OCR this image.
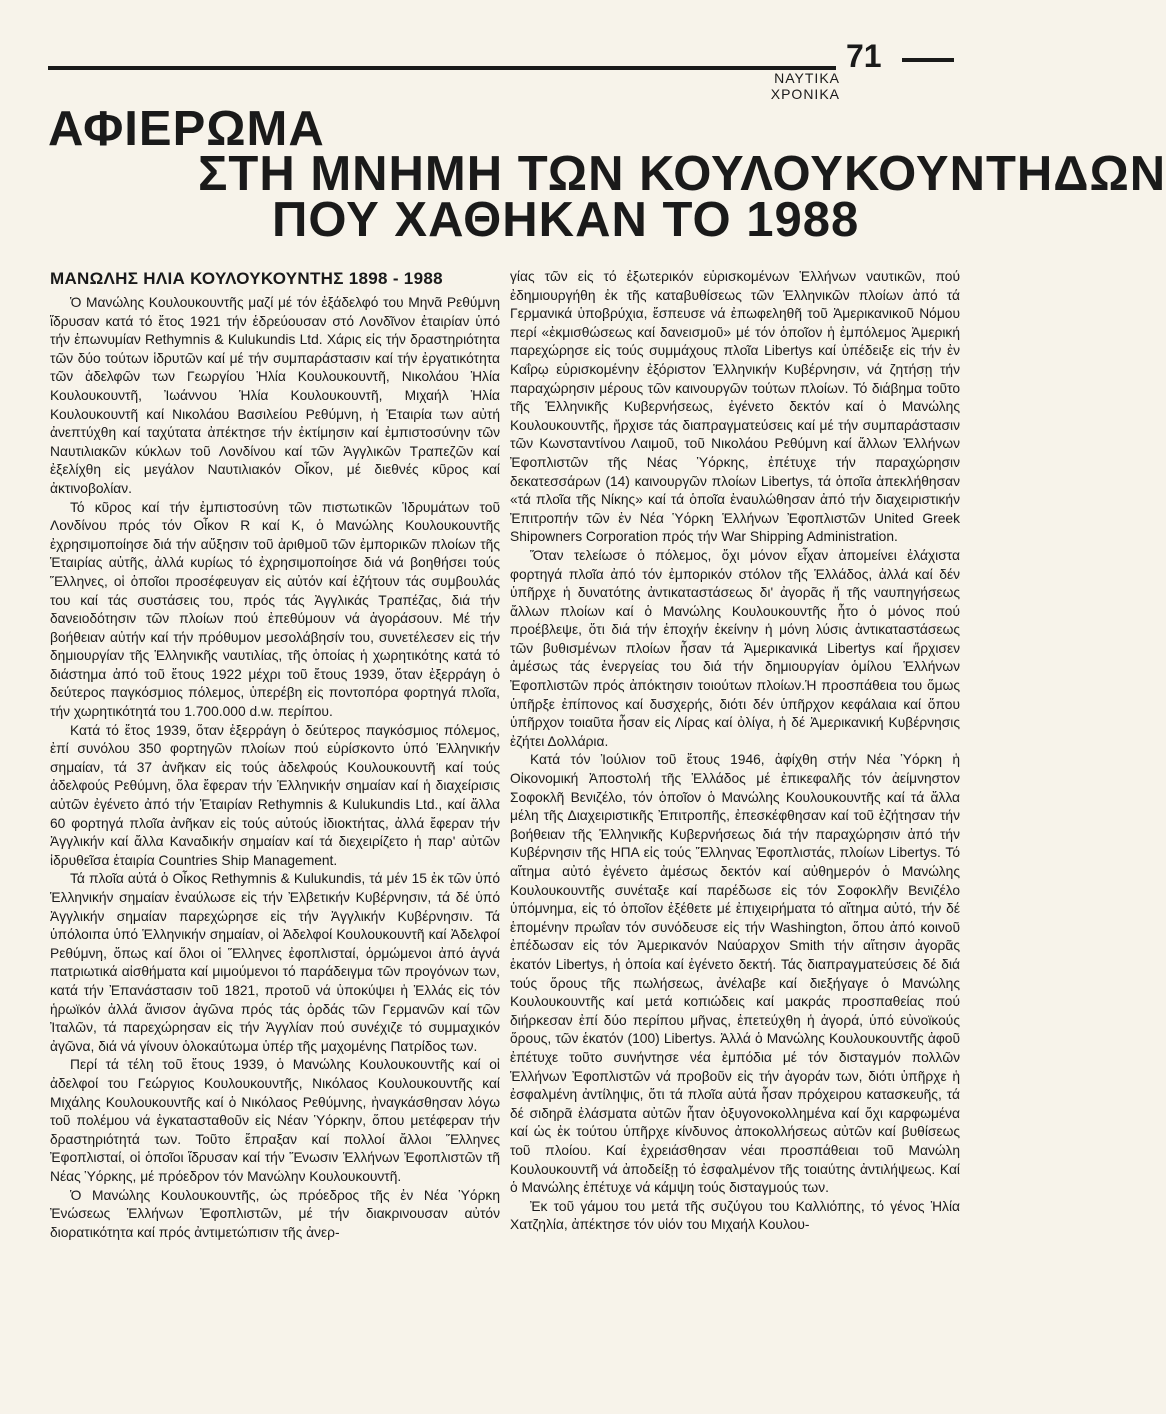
ΝΑΥΤΙΚΑ ΧΡΟΝΙΚΑ
71
ΑΦΙΕΡΩΜΑ
ΣΤΗ ΜΝΗΜΗ ΤΩΝ ΚΟΥΛΟΥΚΟΥΝΤΗΔΩΝ
ΠΟΥ ΧΑΘΗΚΑΝ ΤΟ 1988
ΜΑΝΩΛΗΣ ΗΛΙΑ ΚΟΥΛΟΥΚΟΥΝΤΗΣ 1898 - 1988

Ὁ Μανώλης Κουλουκουντῆς μαζί μέ τόν ἐξάδελφό του Μηνᾶ Ρεθύμνη ἵδρυσαν κατά τό ἔτος 1921 τήν ἑδρεύουσαν στό Λονδῖνον ἑταιρίαν ὑπό τήν ἐπωνυμίαν Rethymnis & Kulukundis Ltd. Χάρις εἰς τήν δραστηριότητα τῶν δύο τούτων ἱδρυτῶν καί μέ τήν συμπαράστασιν καί τήν ἐργατικότητα τῶν ἀδελφῶν των Γεωργίου Ἡλία Κουλουκουντῆ, Νικολάου Ἡλία Κουλουκουντῆ, Ἰωάννου Ἡλία Κουλουκουντῆ, Μιχαήλ Ἡλία Κουλουκουντῆ καί Νικολάου Βασιλείου Ρεθύμνη, ἡ Ἑταιρία των αὐτή ἀνεπτύχθη καί ταχύτατα ἀπέκτησε τήν ἐκτίμησιν καί ἐμπιστοσύνην τῶν Ναυτιλιακῶν κύκλων τοῦ Λονδίνου καί τῶν Ἀγγλικῶν Τραπεζῶν καί ἐξελίχθη εἰς μεγάλον Ναυτιλιακόν Οἶκον, μέ διεθνές κῦρος καί ἀκτινοβολίαν.

Τό κῦρος καί τήν ἐμπιστοσύνη τῶν πιστωτικῶν Ἱδρυμάτων τοῦ Λονδίνου πρός τόν Οἶκον R καί K, ὁ Μανώλης Κουλουκουντῆς ἐχρησιμοποίησε διά τήν αὔξησιν τοῦ ἀριθμοῦ τῶν ἐμπορικῶν πλοίων τῆς Ἑταιρίας αὐτῆς, ἀλλά κυρίως τό ἐχρησιμοποίησε διά νά βοηθήσει τούς Ἕλληνες, οἱ ὁποῖοι προσέφευγαν εἰς αὐτόν καί ἐζήτουν τάς συμβουλάς του καί τάς συστάσεις του, πρός τάς Ἀγγλικάς Τραπέζας, διά τήν δανειοδότησιν τῶν πλοίων πού ἐπεθύμουν νά ἀγοράσουν. Μέ τήν βοήθειαν αὐτήν καί τήν πρόθυμον μεσολάβησίν του, συνετέλεσεν εἰς τήν δημιουργίαν τῆς Ἑλληνικῆς ναυτιλίας, τῆς ὁποίας ἡ χωρητικότης κατά τό διάστημα ἀπό τοῦ ἔτους 1922 μέχρι τοῦ ἔτους 1939, ὅταν ἐξερράγη ὁ δεύτερος παγκόσμιος πόλεμος, ὑπερέβη εἰς ποντοπόρα φορτηγά πλοῖα, τήν χωρητικότητά του 1.700.000 d.w. περίπου.

Κατά τό ἔτος 1939, ὅταν ἐξερράγη ὁ δεύτερος παγκόσμιος πόλεμος, ἐπί συνόλου 350 φορτηγῶν πλοίων πού εὑρίσκοντο ὑπό Ἑλληνικήν σημαίαν, τά 37 ἀνῆκαν εἰς τούς ἀδελφούς Κουλουκουντῆ καί τούς ἀδελφούς Ρεθύμνη, ὅλα ἔφεραν τήν Ἑλληνικήν σημαίαν καί ἡ διαχείρισις αὐτῶν ἐγένετο ἀπό τήν Ἑταιρίαν Rethymnis & Kulukundis Ltd., καί ἄλλα 60 φορτηγά πλοῖα ἀνῆκαν εἰς τούς αὐτούς ἰδιοκτήτας, ἀλλά ἔφεραν τήν Ἀγγλικήν καί ἄλλα Καναδικήν σημαίαν καί τά διεχειρίζετο ἡ παρ' αὐτῶν ἱδρυθεῖσα ἑταιρία Countries Ship Management.

Τά πλοῖα αὐτά ὁ Οἶκος Rethymnis & Kulukundis, τά μέν 15 ἐκ τῶν ὑπό Ἑλληνικήν σημαίαν ἐναύλωσε εἰς τήν Ἐλβετικήν Κυβέρνησιν, τά δέ ὑπό Ἀγγλικήν σημαίαν παρεχώρησε εἰς τήν Ἀγγλικήν Κυβέρνησιν. Τά ὑπόλοιπα ὑπό Ἑλληνικήν σημαίαν, οἱ Ἀδελφοί Κουλουκουντῆ καί Ἀδελφοί Ρεθύμνη, ὅπως καί ὅλοι οἱ Ἕλληνες ἐφοπλισταί, ὁρμώμενοι ἀπό ἁγνά πατριωτικά αἰσθήματα καί μιμούμενοι τό παράδειγμα τῶν προγόνων των, κατά τήν Ἐπανάστασιν τοῦ 1821, προτοῦ νά ὑποκύψει ἡ Ἑλλάς εἰς τόν ἡρωϊκόν ἀλλά ἄνισον ἀγῶνα πρός τάς ὀρδάς τῶν Γερμανῶν καί τῶν Ἰταλῶν, τά παρεχώρησαν εἰς τήν Ἀγγλίαν πού συνέχιζε τό συμμαχικόν ἀγῶνα, διά νά γίνουν ὁλοκαύτωμα ὑπέρ τῆς μαχομένης Πατρίδος των.

Περί τά τέλη τοῦ ἔτους 1939, ὁ Μανώλης Κουλουκουντῆς καί οἱ ἀδελφοί του Γεώργιος Κουλουκουντῆς, Νικόλαος Κουλουκουντῆς καί Μιχάλης Κουλουκουντῆς καί ὁ Νικόλαος Ρεθύμνης, ἠναγκάσθησαν λόγω τοῦ πολέμου νά ἐγκατασταθοῦν εἰς Νέαν Ὑόρκην, ὅπου μετέφεραν τήν δραστηριότητά των. Τοῦτο ἔπραξαν καί πολλοί ἄλλοι Ἕλληνες Ἐφοπλισταί, οἱ ὁποῖοι ἵδρυσαν καί τήν Ἕνωσιν Ἑλλήνων Ἐφοπλιστῶν τῆ Νέας Ὑόρκης, μέ πρόεδρον τόν Μανώλην Κουλουκουντῆ.

Ὁ Μανώλης Κουλουκουντῆς, ὡς πρόεδρος τῆς ἐν Νέα Ὑόρκη Ἐνώσεως Ἑλλήνων Ἐφοπλιστῶν, μέ τήν διακρινουσαν αὐτόν διορατικότητα καί πρός ἀντιμετώπισιν τῆς ἀνερ-

γίας τῶν εἰς τό ἐξωτερικόν εὑρισκομένων Ἑλλήνων ναυτικῶν, πού ἐδημιουργήθη ἐκ τῆς καταβυθίσεως τῶν Ἑλληνικῶν πλοίων ἀπό τά Γερμανικά ὑποβρύχια, ἔσπευσε νά ἐπωφεληθῆ τοῦ Ἀμερικανικοῦ Νόμου περί «ἐκμισθώσεως καί δανεισμοῦ» μέ τόν ὁποῖον ἡ ἐμπόλεμος Ἀμερική παρεχώρησε εἰς τούς συμμάχους πλοῖα Libertys καί ὑπέδειξε εἰς τήν ἐν Καΐρῳ εὑρισκομένην ἐξόριστον Ἑλληνικήν Κυβέρνησιν, νά ζητήσῃ τήν παραχώρησιν μέρους τῶν καινουργῶν τούτων πλοίων. Τό διάβημα τοῦτο τῆς Ἑλληνικῆς Κυβερνήσεως, ἐγένετο δεκτόν καί ὁ Μανώλης Κουλουκουντῆς, ἤρχισε τάς διαπραγματεύσεις καί μέ τήν συμπαράστασιν τῶν Κωνσταντίνου Λαιμοῦ, τοῦ Νικολάου Ρεθύμνη καί ἄλλων Ἑλλήνων Ἐφοπλιστῶν τῆς Νέας Ὑόρκης, ἐπέτυχε τήν παραχώρησιν δεκατεσσάρων (14) καινουργῶν πλοίων Libertys, τά ὁποῖα ἀπεκλήθησαν «τά πλοῖα τῆς Νίκης» καί τά ὁποῖα ἐναυλώθησαν ἀπό τήν διαχειριστικήν Ἐπιτροπήν τῶν ἐν Νέα Ὑόρκη Ἑλλήνων Ἐφοπλιστῶν United Greek Shipowners Corporation πρός τήν War Shipping Administration.

Ὅταν τελείωσε ὁ πόλεμος, ὄχι μόνον εἶχαν ἀπομείνει ἐλάχιστα φορτηγά πλοῖα ἀπό τόν ἐμπορικόν στόλον τῆς Ἑλλάδος, ἀλλά καί δέν ὑπῆρχε ἡ δυνατότης ἀντικαταστάσεως δι' ἀγορᾶς ἤ τῆς ναυπηγήσεως ἄλλων πλοίων καί ὁ Μανώλης Κουλουκουντῆς ἦτο ὁ μόνος πού προέβλεψε, ὅτι διά τήν ἐποχήν ἐκείνην ἡ μόνη λύσις ἀντικαταστάσεως τῶν βυθισμένων πλοίων ἦσαν τά Ἀμερικανικά Libertys καί ἤρχισεν ἀμέσως τάς ἐνεργείας του διά τήν δημιουργίαν ὁμίλου Ἑλλήνων Ἐφοπλιστῶν πρός ἀπόκτησιν τοιούτων πλοίων.Ἡ προσπάθεια του ὅμως ὑπῆρξε ἐπίπονος καί δυσχερής, διότι δέν ὑπῆρχον κεφάλαια καί ὅπου ὑπῆρχον τοιαῦτα ἦσαν εἰς Λίρας καί ὀλίγα, ἡ δέ Ἀμερικανική Κυβέρνησις ἐζήτει Δολλάρια.

Κατά τόν Ἰούλιον τοῦ ἔτους 1946, ἀφίχθη στήν Νέα Ὑόρκη ἡ Οἰκονομική Ἀποστολή τῆς Ἑλλάδος μέ ἐπικεφαλῆς τόν ἀείμνηστον Σοφοκλῆ Βενιζέλο, τόν ὁποῖον ὁ Μανώλης Κουλουκουντῆς καί τά ἄλλα μέλη τῆς Διαχειριστικῆς Ἐπιτροπῆς, ἐπεσκέφθησαν καί τοῦ ἐζήτησαν τήν βοήθειαν τῆς Ἑλληνικῆς Κυβερνήσεως διά τήν παραχώρησιν ἀπό τήν Κυβέρνησιν τῆς ΗΠΑ εἰς τούς Ἕλληνας Ἐφοπλιστάς, πλοίων Libertys. Τό αἴτημα αὐτό ἐγένετο ἀμέσως δεκτόν καί αὐθημερόν ὁ Μανώλης Κουλουκουντῆς συνέταξε καί παρέδωσε εἰς τόν Σοφοκλῆν Βενιζέλο ὑπόμνημα, εἰς τό ὁποῖον ἐξέθετε μέ ἐπιχειρήματα τό αἴτημα αὐτό, τήν δέ ἑπομένην πρωΐαν τόν συνόδευσε εἰς τήν Washington, ὅπου ἀπό κοινοῦ ἐπέδωσαν εἰς τόν Ἀμερικανόν Ναύαρχον Smith τήν αἴτησιν ἀγορᾶς ἑκατόν Libertys, ἡ ὁποία καί ἐγένετο δεκτή. Τάς διαπραγματεύσεις δέ διά τούς ὅρους τῆς πωλήσεως, ἀνέλαβε καί διεξήγαγε ὁ Μανώλης Κουλουκουντῆς καί μετά κοπιώδεις καί μακράς προσπαθείας πού διήρκεσαν ἐπί δύο περίπου μῆνας, ἐπετεύχθη ἡ ἀγορά, ὑπό εὐνοϊκούς ὅρους, τῶν ἑκατόν (100) Libertys. Ἀλλά ὁ Μανώλης Κουλουκουντῆς ἀφοῦ ἐπέτυχε τοῦτο συνήντησε νέα ἐμπόδια μέ τόν δισταγμόν πολλῶν Ἑλλήνων Ἐφοπλιστῶν νά προβοῦν εἰς τήν ἀγοράν των, διότι ὑπῆρχε ἡ ἐσφαλμένη ἀντίληψις, ὅτι τά πλοῖα αὐτά ἦσαν πρόχειρου κατασκευῆς, τά δέ σιδηρᾶ ἐλάσματα αὐτῶν ἦταν ὀξυγονοκολλημένα καί ὄχι καρφωμένα καί ὡς ἐκ τούτου ὑπῆρχε κίνδυνος ἀποκολλήσεως αὐτῶν καί βυθίσεως τοῦ πλοίου. Καί ἐχρειάσθησαν νέαι προσπάθειαι τοῦ Μανώλη Κουλουκουντῆ νά ἀποδείξῃ τό ἐσφαλμένον τῆς τοιαύτης ἀντιλήψεως. Καί ὁ Μανώλης ἐπέτυχε νά κάμψη τούς δισταγμούς των.

Ἐκ τοῦ γάμου του μετά τῆς συζύγου του Καλλιόπης, τό γένος Ἡλία Χατζηλία, ἀπέκτησε τόν υἱόν του Μιχαήλ Κουλου-
